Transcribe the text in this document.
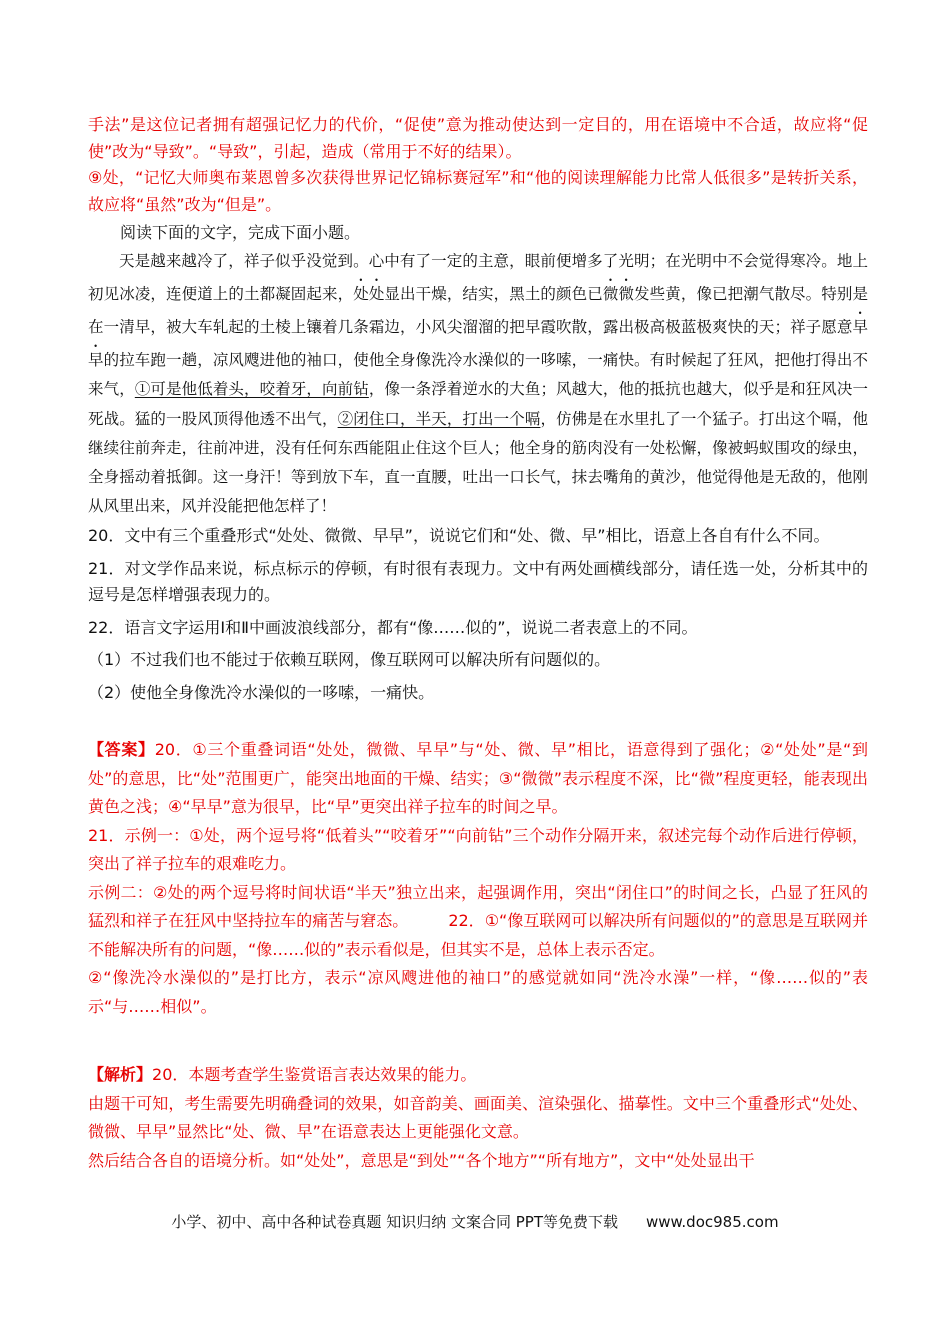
手法”是这位记者拥有超强记忆力的代价，“促使”意为推动使达到一定目的，用在语境中不合适，故应将“促使”改为“导致”。“导致”，引起，造成（常用于不好的结果）。

⑨处，“记忆大师奥布莱恩曾多次获得世界记忆锦标赛冠军”和“他的阅读理解能力比常人低很多”是转折关系，故应将“虽然”改为“但是”。

阅读下面的文字，完成下面小题。

天是越来越冷了，祥子似乎没觉到。心中有了一定的主意，眼前便增多了光明；在光明中不会觉得寒冷。地上初见冰凌，连便道上的土都凝固起来，处处显出干燥，结实，黑土的颜色已微微发些黄，像已把潮气散尽。特别是在一清早，被大车轧起的土棱上镶着几条霜边，小风尖溜溜的把早霞吹散，露出极高极蓝极爽快的天；祥子愿意早早的拉车跑一趟，凉风飕进他的袖口，使他全身像洗冷水澡似的一哆嗦，一痛快。有时候起了狂风，把他打得出不来气，①可是他低着头，咬着牙，向前钻，像一条浮着逆水的大鱼；风越大，他的抵抗也越大，似乎是和狂风决一死战。猛的一股风顶得他透不出气，②闭住口，半天，打出一个嗝，仿佛是在水里扎了一个猛子。打出这个嗝，他继续往前奔走，往前冲进，没有任何东西能阻止住这个巨人；他全身的筋肉没有一处松懈，像被蚂蚁围攻的绿虫，全身摇动着抵御。这一身汗！等到放下车，直一直腰，吐出一口长气，抹去嘴角的黄沙，他觉得他是无敌的，他刚从风里出来，风并没能把他怎样了！

20．文中有三个重叠形式“处处、微微、早早”，说说它们和“处、微、早”相比，语意上各自有什么不同。

21．对文学作品来说，标点标示的停顿，有时很有表现力。文中有两处画横线部分，请任选一处，分析其中的逗号是怎样增强表现力的。

22．语言文字运用Ⅰ和Ⅱ中画波浪线部分，都有“像……似的”，说说二者表意上的不同。

（1）不过我们也不能过于依赖互联网，像互联网可以解决所有问题似的。

（2）使他全身像洗冷水澡似的一哆嗦，一痛快。

【答案】20．①三个重叠词语“处处，微微、早早”与“处、微、早”相比，语意得到了强化；②“处处”是“到处”的意思，比“处”范围更广，能突出地面的干燥、结实；③“微微”表示程度不深，比“微”程度更轻，能表现出黄色之浅；④“早早”意为很早，比“早”更突出祥子拉车的时间之早。

21．示例一：①处，两个逗号将“低着头”“咬着牙”“向前钻”三个动作分隔开来，叙述完每个动作后进行停顿，突出了祥子拉车的艰难吃力。

示例二：②处的两个逗号将时间状语“半天”独立出来，起强调作用，突出“闭住口”的时间之长，凸显了狂风的猛烈和祥子在狂风中坚持拉车的痛苦与窘态。	22．①“像互联网可以解决所有问题似的”的意思是互联网并不能解决所有的问题，“像……似的”表示看似是，但其实不是，总体上表示否定。

②“像洗冷水澡似的”是打比方，表示“凉风飕进他的袖口”的感觉就如同“洗冷水澡”一样，“像……似的”表示“与……相似”。

【解析】20．本题考查学生鉴赏语言表达效果的能力。

由题干可知，考生需要先明确叠词的效果，如音韵美、画面美、渲染强化、描摹性。文中三个重叠形式“处处、微微、早早”显然比“处、微、早”在语意表达上更能强化文意。

然后结合各自的语境分析。如“处处”，意思是“到处”“各个地方”“所有地方”，文中“处处显出干

小学、初中、高中各种试卷真题 知识归纳 文案合同 PPT等免费下载 www.doc985.com
